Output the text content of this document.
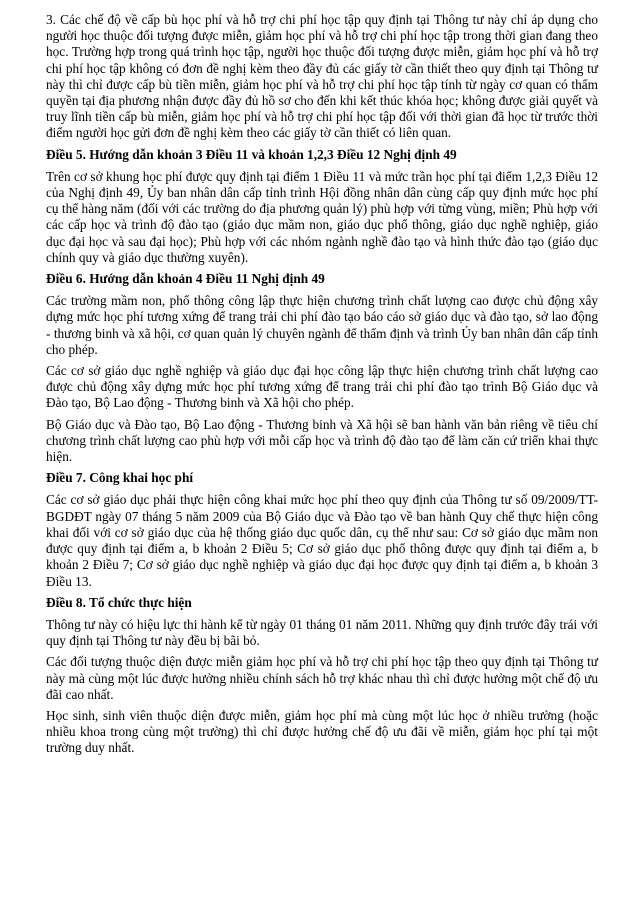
3. Các chế độ về cấp bù học phí và hỗ trợ chi phí học tập quy định tại Thông tư này chỉ áp dụng cho người học thuộc đối tượng được miễn, giảm học phí và hỗ trợ chi phí học tập trong thời gian đang theo học. Trường hợp trong quá trình học tập, người học thuộc đối tượng được miễn, giảm học phí và hỗ trợ chi phí học tập không có đơn đề nghị kèm theo đầy đủ các giấy tờ cần thiết theo quy định tại Thông tư này thì chỉ được cấp bù tiền miễn, giảm học phí và hỗ trợ chi phí học tập tính từ ngày cơ quan có thẩm quyền tại địa phương nhận được đầy đủ hồ sơ cho đến khi kết thúc khóa học; không được giải quyết và truy lĩnh tiền cấp bù miễn, giảm học phí và hỗ trợ chi phí học tập đối với thời gian đã học từ trước thời điểm người học gửi đơn đề nghị kèm theo các giấy tờ cần thiết có liên quan.

Điều 5. Hướng dẫn khoản 3 Điều 11 và khoản 1,2,3 Điều 12 Nghị định 49

Trên cơ sở khung học phí được quy định tại điểm 1 Điều 11 và mức trần học phí tại điểm 1,2,3 Điều 12 của Nghị định 49, Ủy ban nhân dân cấp tỉnh trình Hội đồng nhân dân cùng cấp quy định mức học phí cụ thể hàng năm (đối với các trường do địa phương quản lý) phù hợp với từng vùng, miền; Phù hợp với các cấp học và trình độ đào tạo (giáo dục mầm non, giáo dục phổ thông, giáo dục nghề nghiệp, giáo dục đại học và sau đại học); Phù hợp với các nhóm ngành nghề đào tạo và hình thức đào tạo (giáo dục chính quy và giáo dục thường xuyên).

Điều 6. Hướng dẫn khoản 4 Điều 11 Nghị định 49

Các trường mầm non, phổ thông công lập thực hiện chương trình chất lượng cao được chủ động xây dựng mức học phí tương xứng để trang trải chi phí đào tạo báo cáo sở giáo dục và đào tạo, sở lao động - thương binh và xã hội, cơ quan quản lý chuyên ngành để thẩm định và trình Ủy ban nhân dân cấp tỉnh cho phép.

Các cơ sở giáo dục nghề nghiệp và giáo dục đại học công lập thực hiện chương trình chất lượng cao được chủ động xây dựng mức học phí tương xứng để trang trải chi phí đào tạo trình Bộ Giáo dục và Đào tạo, Bộ Lao động - Thương binh và Xã hội cho phép.

Bộ Giáo dục và Đào tạo, Bộ Lao động - Thương binh và Xã hội sẽ ban hành văn bản riêng về tiêu chí chương trình chất lượng cao phù hợp với mỗi cấp học và trình độ đào tạo để làm căn cứ triển khai thực hiện.

Điều 7. Công khai học phí

Các cơ sở giáo dục phải thực hiện công khai mức học phí theo quy định của Thông tư số 09/2009/TT-BGDĐT ngày 07 tháng 5 năm 2009 của Bộ Giáo dục và Đào tạo về ban hành Quy chế thực hiện công khai đối với cơ sở giáo dục của hệ thống giáo dục quốc dân, cụ thể như sau: Cơ sở giáo dục mầm non được quy định tại điểm a, b khoản 2 Điều 5; Cơ sở giáo dục phổ thông được quy định tại điểm a, b khoản 2 Điều 7; Cơ sở giáo dục nghề nghiệp và giáo dục đại học được quy định tại điểm a, b khoản 3 Điều 13.

Điều 8. Tổ chức thực hiện

Thông tư này có hiệu lực thi hành kể từ ngày 01 tháng 01 năm 2011. Những quy định trước đây trái với quy định tại Thông tư này đều bị bãi bỏ.

Các đối tượng thuộc diện được miễn giảm học phí và hỗ trợ chi phí học tập theo quy định tại Thông tư này mà cùng một lúc được hưởng nhiều chính sách hỗ trợ khác nhau thì chỉ được hưởng một chế độ ưu đãi cao nhất.

Học sinh, sinh viên thuộc diện được miễn, giảm học phí mà cùng một lúc học ở nhiều trường (hoặc nhiều khoa trong cùng một trường) thì chỉ được hưởng chế độ ưu đãi về miễn, giảm học phí tại một trường duy nhất.
